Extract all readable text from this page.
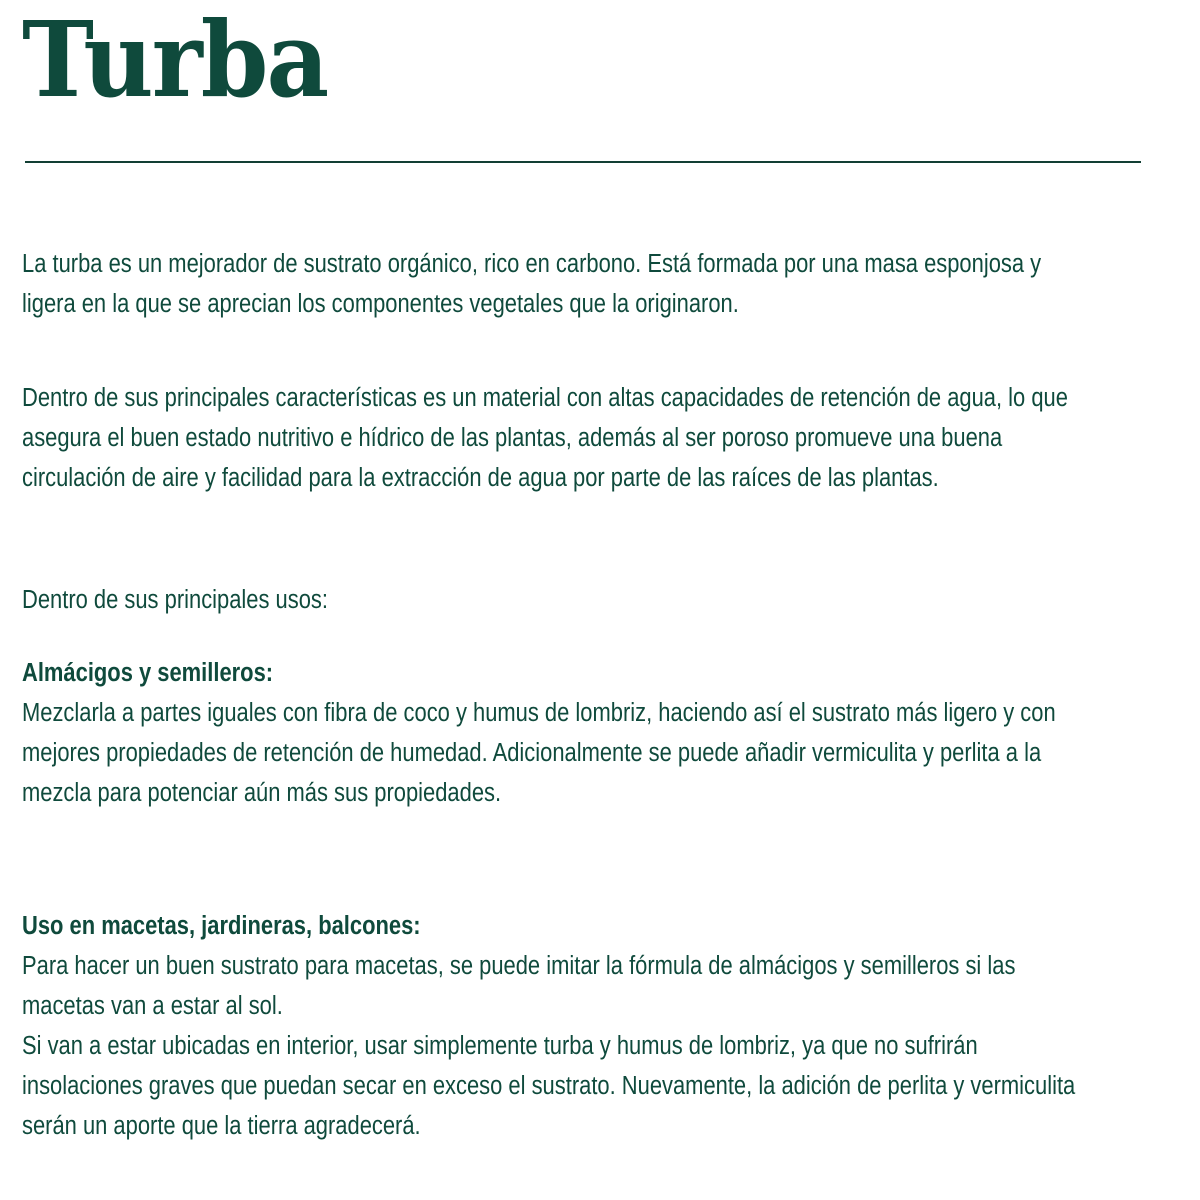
Turba

La turba es un mejorador de sustrato orgánico, rico en carbono. Está formada por una masa esponjosa y

ligera en la que se aprecian los componentes vegetales que la originaron.

Dentro de sus principales características es un material con altas capacidades de retención de agua, lo que

asegura el buen estado nutritivo e hídrico de las plantas, además al ser poroso promueve una buena

circulación de aire y facilidad para la extracción de agua por parte de las raíces de las plantas.

Dentro de sus principales usos:

Almácigos y semilleros:

Mezclarla a partes iguales con fibra de coco y humus de lombriz, haciendo así el sustrato más ligero y con

mejores propiedades de retención de humedad. Adicionalmente se puede añadir vermiculita y perlita a la

mezcla para potenciar aún más sus propiedades.

Uso en macetas, jardineras, balcones:

Para hacer un buen sustrato para macetas, se puede imitar la fórmula de almácigos y semilleros si las

macetas van a estar al sol.

Si van a estar ubicadas en interior, usar simplemente turba y humus de lombriz, ya que no sufrirán

insolaciones graves que puedan secar en exceso el sustrato. Nuevamente, la adición de perlita y vermiculita

serán un aporte que la tierra agradecerá.
